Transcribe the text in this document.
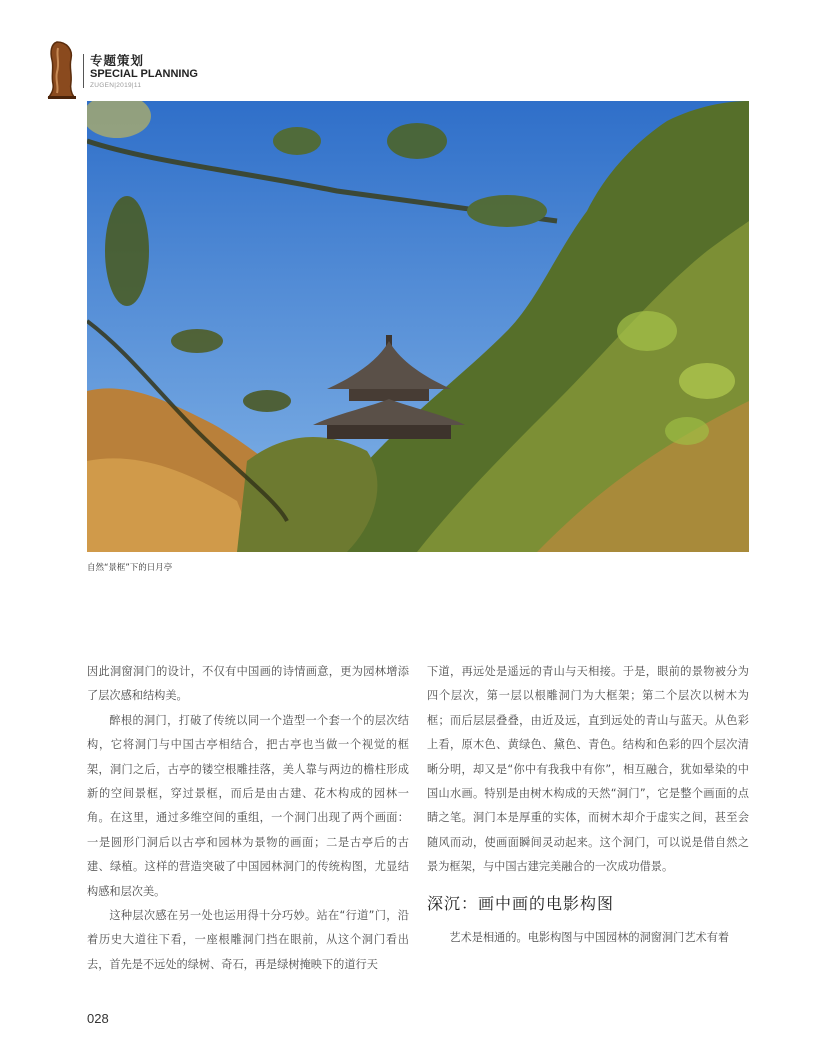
专题策划
SPECIAL PLANNING
ZUGEN|2019|11
自然“景框”下的日月亭

因此洞窗洞门的设计，不仅有中国画的诗情画意，更为园林增添了层次感和结构美。

醉根的洞门，打破了传统以同一个造型一个套一个的层次结构，它将洞门与中国古亭相结合，把古亭也当做一个视觉的框架，洞门之后，古亭的镂空根雕挂落，美人靠与两边的檐柱形成新的空间景框，穿过景框，而后是由古建、花木构成的园林一角。在这里，通过多维空间的重组，一个洞门出现了两个画面：一是圆形门洞后以古亭和园林为景物的画面；二是古亭后的古建、绿植。这样的营造突破了中国园林洞门的传统构图，尤显结构感和层次美。

这种层次感在另一处也运用得十分巧妙。站在“行道”门，沿着历史大道往下看，一座根雕洞门挡在眼前，从这个洞门看出去，首先是不远处的绿树、奇石，再是绿树掩映下的道行天

下道，再远处是遥远的青山与天相接。于是，眼前的景物被分为四个层次，第一层以根雕洞门为大框架；第二个层次以树木为框；而后层层叠叠，由近及远，直到远处的青山与蓝天。从色彩上看，原木色、黄绿色、黛色、青色。结构和色彩的四个层次清晰分明，却又是“你中有我我中有你”，相互融合，犹如晕染的中国山水画。特别是由树木构成的天然“洞门”，它是整个画面的点睛之笔。洞门本是厚重的实体，而树木却介于虚实之间，甚至会随风而动，使画面瞬间灵动起来。这个洞门，可以说是借自然之景为框架，与中国古建完美融合的一次成功借景。

深沉：画中画的电影构图

艺术是相通的。电影构图与中国园林的洞窗洞门艺术有着

028
